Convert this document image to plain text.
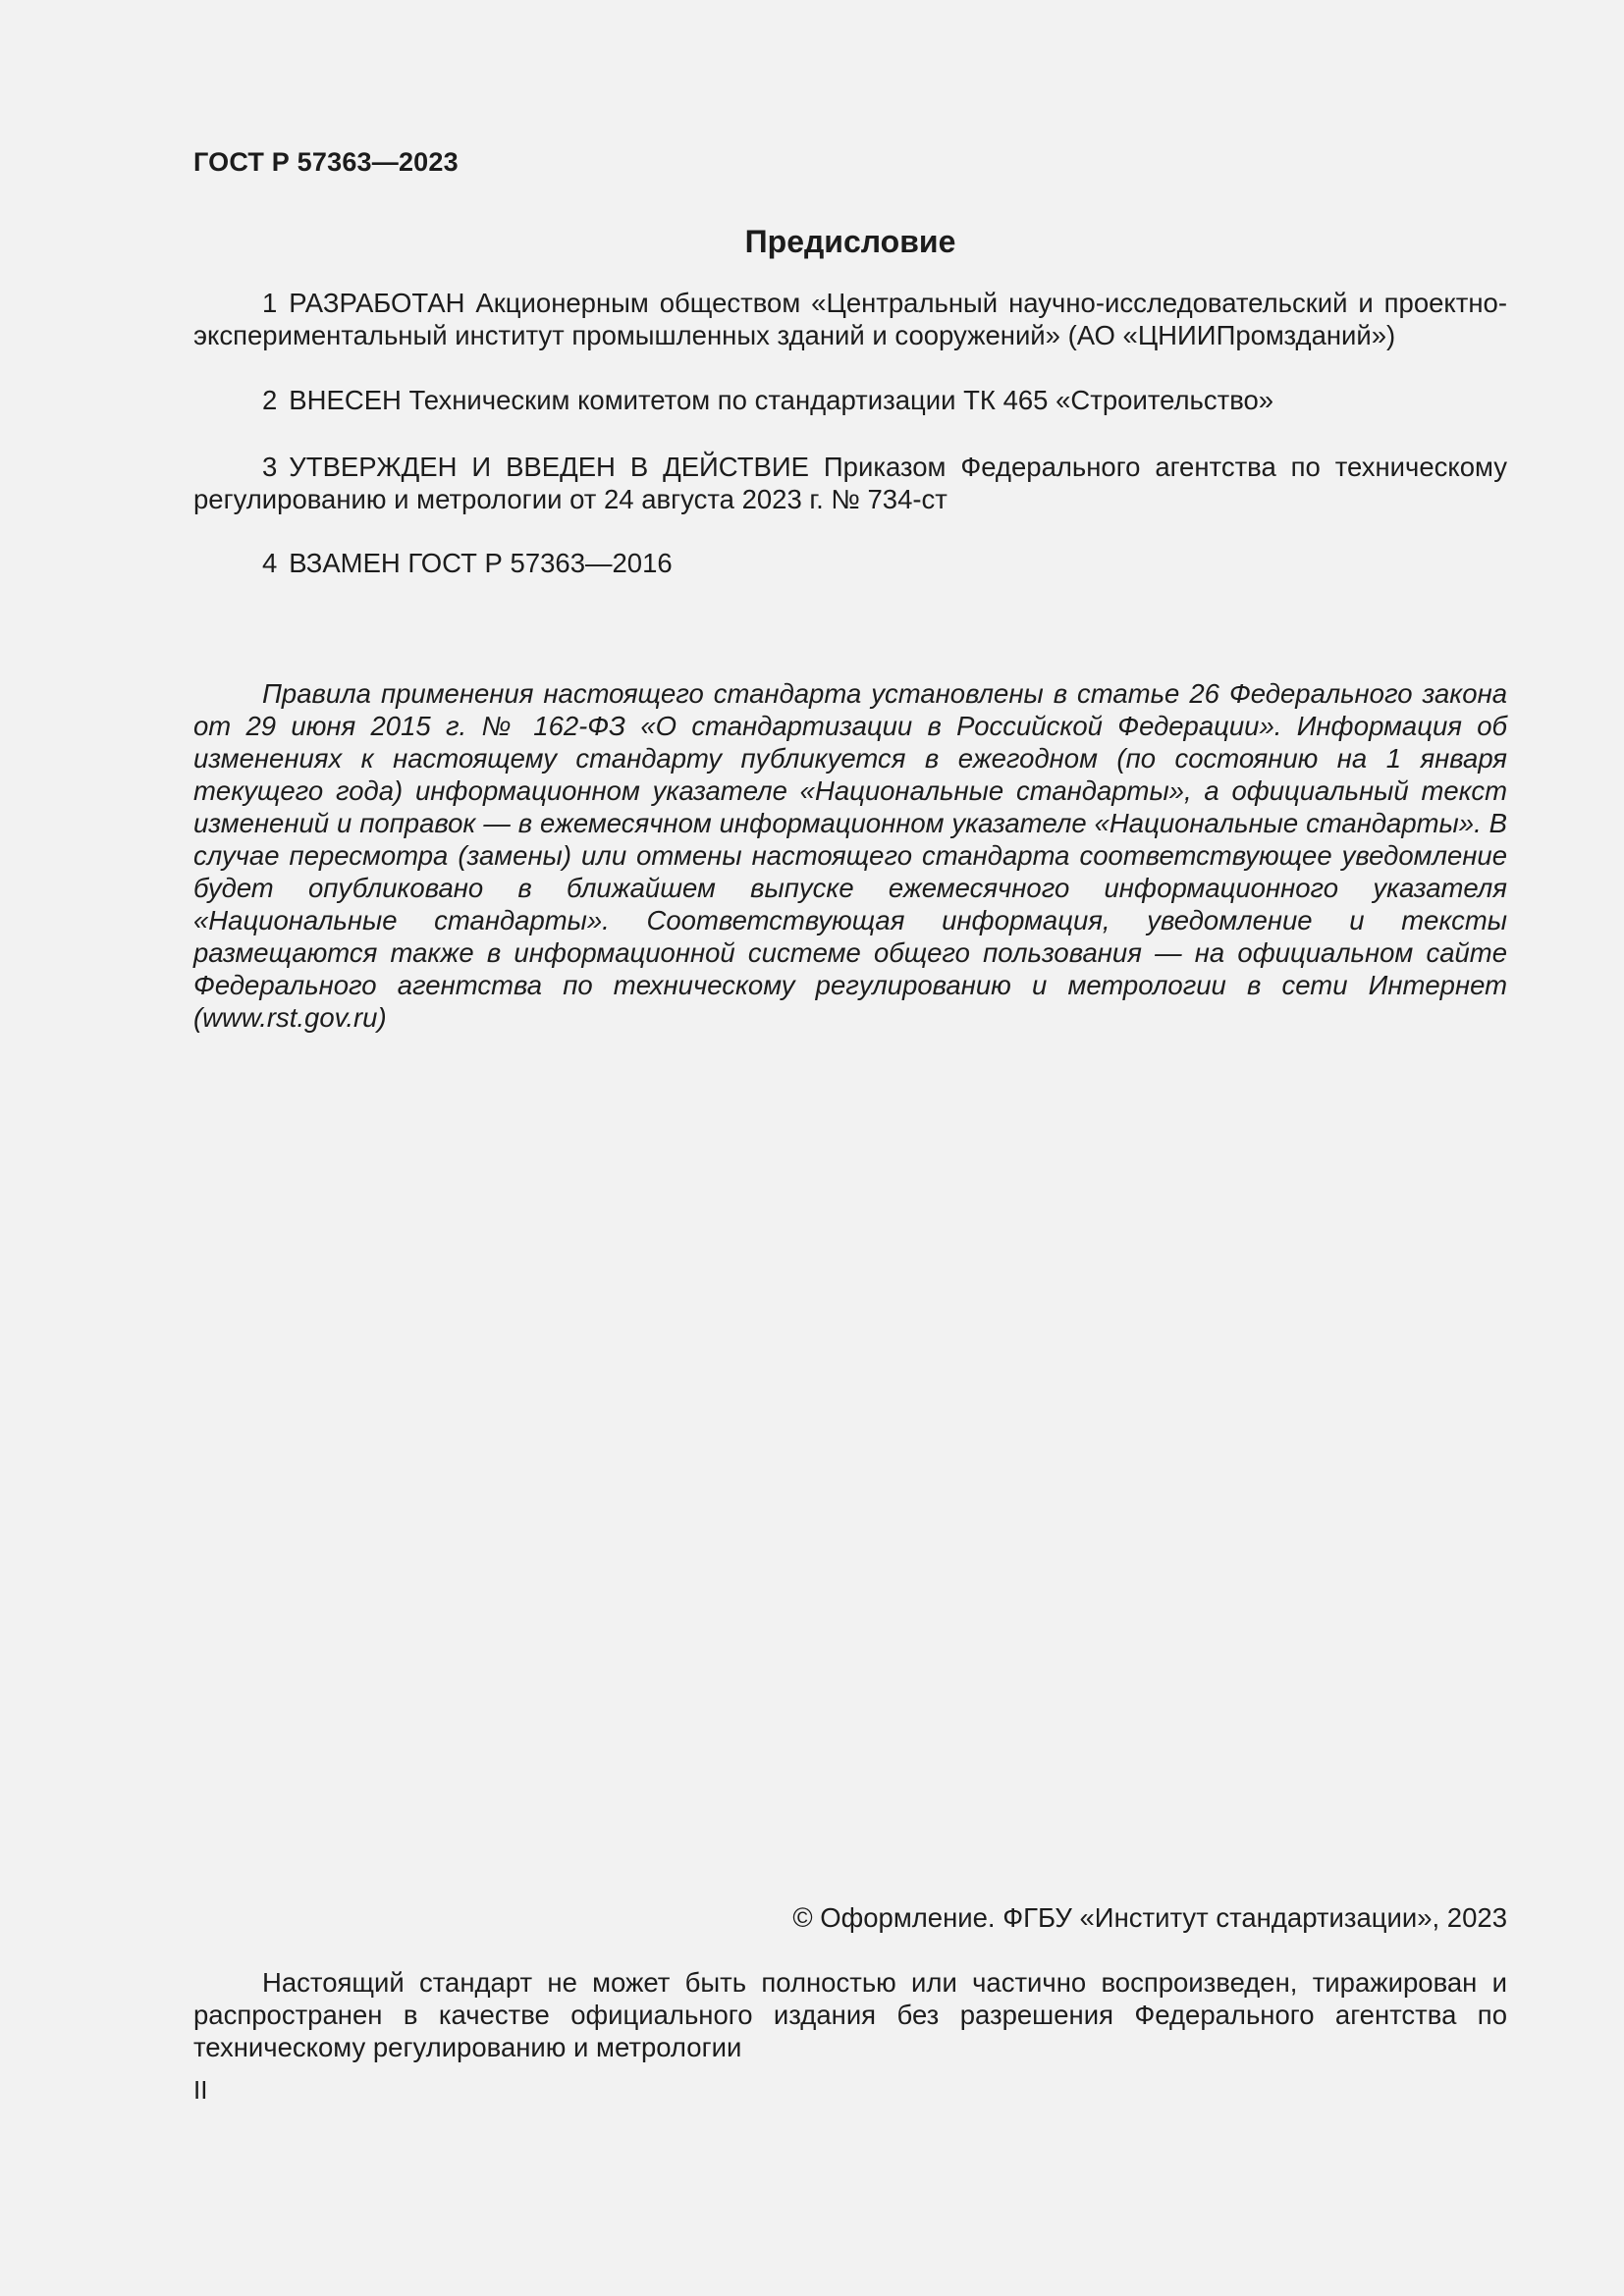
ГОСТ Р 57363—2023
Предисловие

1 РАЗРАБОТАН Акционерным обществом «Центральный научно-исследовательский и проектно-экспериментальный институт промышленных зданий и сооружений» (АО «ЦНИИПромзданий»)

2 ВНЕСЕН Техническим комитетом по стандартизации ТК 465 «Строительство»

3 УТВЕРЖДЕН И ВВЕДЕН В ДЕЙСТВИЕ Приказом Федерального агентства по техническому регулированию и метрологии от 24 августа 2023 г. № 734-ст

4 ВЗАМЕН ГОСТ Р 57363—2016

Правила применения настоящего стандарта установлены в статье 26 Федерального закона от 29 июня 2015 г. № 162-ФЗ «О стандартизации в Российской Федерации». Информация об изменениях к настоящему стандарту публикуется в ежегодном (по состоянию на 1 января текущего года) информационном указателе «Национальные стандарты», а официальный текст изменений и поправок — в ежемесячном информационном указателе «Национальные стандарты». В случае пересмотра (замены) или отмены настоящего стандарта соответствующее уведомление будет опубликовано в ближайшем выпуске ежемесячного информационного указателя «Национальные стандарты». Соответствующая информация, уведомление и тексты размещаются также в информационной системе общего пользования — на официальном сайте Федерального агентства по техническому регулированию и метрологии в сети Интернет (www.rst.gov.ru)

© Оформление. ФГБУ «Институт стандартизации», 2023

Настоящий стандарт не может быть полностью или частично воспроизведен, тиражирован и распространен в качестве официального издания без разрешения Федерального агентства по техническому регулированию и метрологии

II
